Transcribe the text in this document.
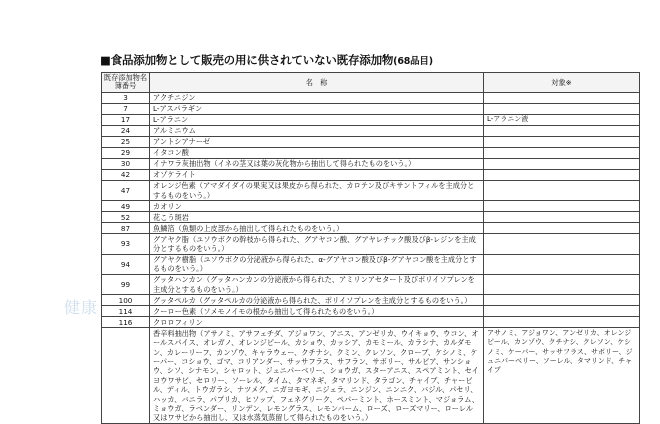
■食品添加物として販売の用に供されていない既存添加物(68品目)
既存添加物名簿番号	名　称	対象※
3	アクチニジン	
7	L-アスパラギン	
17	L-アラニン	L-アラニン液
24	アルミニウム	
25	アントシアナーゼ	
29	イタコン酸	
30	イナワラ灰抽出物（イネの茎又は葉の灰化物から抽出して得られたものをいう。）	
42	オゾケライト	
47	オレンジ色素（アマダイダイの果実又は果皮から得られた、カロテン及びキサントフィルを主成分とするものをいう。）	
49	カオリン	
52	花こう斑岩	
87	魚鱗箔（魚類の上皮部から抽出して得られたものをいう。）	
93	グアヤク脂（ユソウボクの幹枝から得られた、グアヤコン酸、グアヤレチック酸及びβ-レジンを主成分とするものをいう。）	
94	グアヤク樹脂（ユソウボクの分泌液から得られた、α-グアヤコン酸及びβ-グアヤコン酸を主成分とするものをいう。）	
99	グッタハンカン（グッタハンカンの分泌液から得られた、アミリンアセタート及びポリイソプレンを主成分とするものをいう。）	
100	グッタペルカ（グッタペルカの分泌液から得られた、ポリイソプレンを主成分とするものをいう。）	
114	クーロー色素（ソメモノイモの根から抽出して得られたものをいう。）	
116	クロロフィリン	
	香辛料抽出物（アサノミ、アサフェチダ、アジョワン、アニス、アンゼリカ、ウイキョウ、ウコン、オールスパイス、オレガノ、オレンジピール、カショウ、カッシア、カモミール、カラシナ、カルダモン、カレーリーフ、カンゾウ、キャラウェー、クチナシ、クミン、クレソン、クローブ、ケシノミ、ケーパー、コショウ、ゴマ、コリアンダー、サッサフラス、サフラン、サボリー、サルビア、サンショウ、シソ、シナモン、シャロット、ジュニパーベリー、ショウガ、スターアニス、スペアミント、セイヨウワサビ、セロリー、ソーレル、タイム、タマネギ、タマリンド、タラゴン、チャイブ、チャービル、ディル、トウガラシ、ナツメグ、ニガヨモギ、ニジェラ、ニンジン、ニンニク、バジル、パセリ、ハッカ、バニラ、パプリカ、ヒソップ、フェネグリーク、ペパーミント、ホースミント、マジョラム、ミョウガ、ラベンダー、リンデン、レモングラス、レモンバーム、ローズ、ローズマリー、ローレル又はワサビから抽出し、又は水蒸気蒸留して得られたものをいう。）	アサノミ、アジョワン、アンゼリカ、オレンジピール、カンゾウ、クチナシ、クレソン、ケシノミ、ケーパー、サッサフラス、サボリー、ジュニパーベリー、ソーレル、タマリンド、チャイブ
健康
